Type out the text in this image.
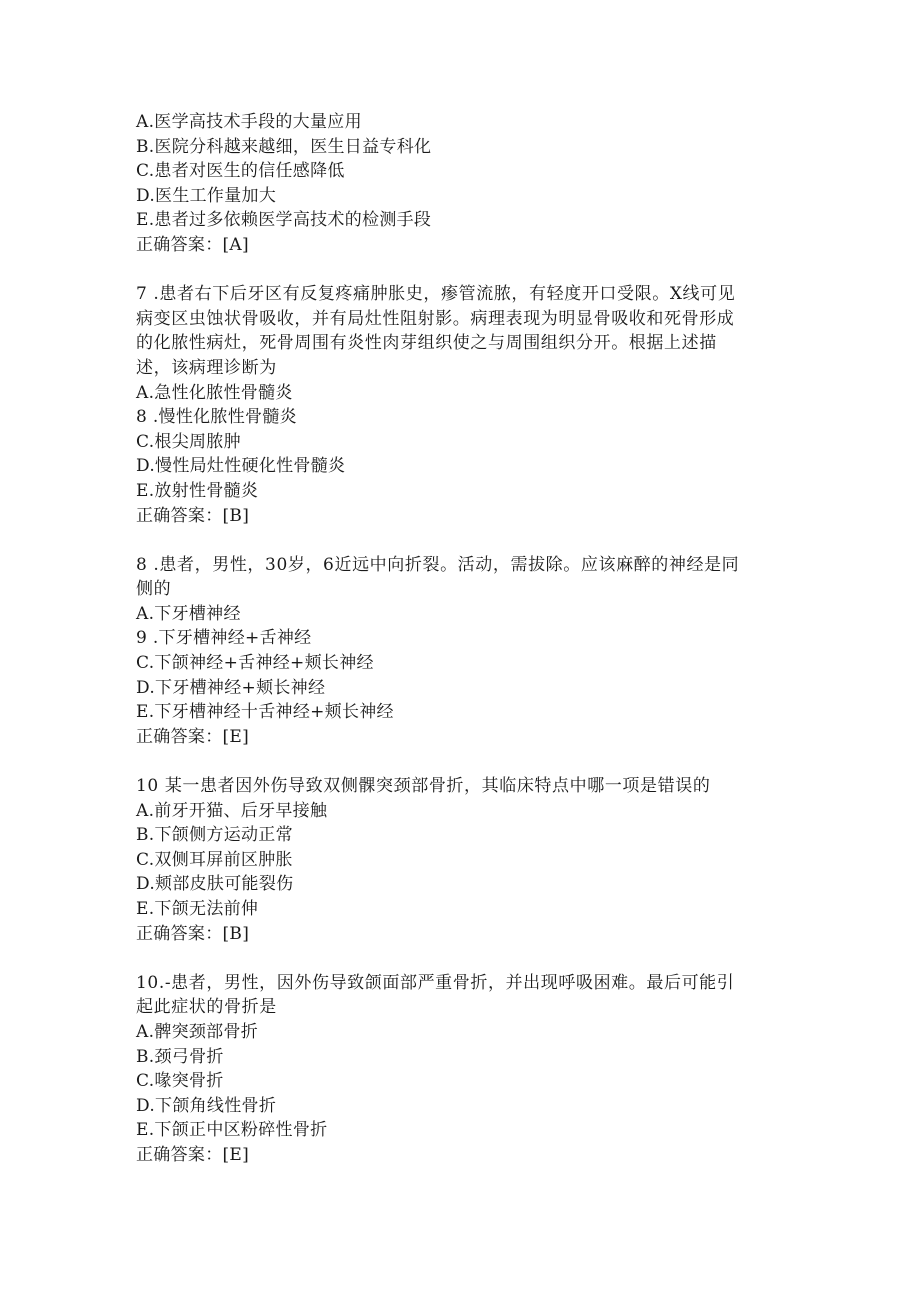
A.医学高技术手段的大量应用
B.医院分科越来越细，医生日益专科化
C.患者对医生的信任感降低
D.医生工作量加大
E.患者过多依赖医学高技术的检测手段
正确答案：[A]
7 .患者右下后牙区有反复疼痛肿胀史，瘆管流脓，有轻度开口受限。X线可见
病变区虫蚀状骨吸收，并有局灶性阻射影。病理表现为明显骨吸收和死骨形成
的化脓性病灶，死骨周围有炎性肉芽组织使之与周围组织分开。根据上述描
述，该病理诊断为
A.急性化脓性骨髓炎
8 .慢性化脓性骨髓炎
C.根尖周脓肿
D.慢性局灶性硬化性骨髓炎
E.放射性骨髓炎
正确答案：[B]
8 .患者，男性，30岁，6近远中向折裂。活动，需拔除。应该麻醉的神经是同
侧的
A.下牙槽神经
9 .下牙槽神经+舌神经
C.下颌神经+舌神经+颊长神经
D.下牙槽神经+颊长神经
E.下牙槽神经十舌神经+颊长神经
正确答案：[E]
10 某一患者因外伤导致双侧髁突颈部骨折，其临床特点中哪一项是错误的
A.前牙开猫、后牙早接触
B.下颌侧方运动正常
C.双侧耳屏前区肿胀
D.颊部皮肤可能裂伤
E.下颌无法前伸
正确答案：[B]
10.-患者，男性，因外伤导致颌面部严重骨折，并出现呼吸困难。最后可能引
起此症状的骨折是
A.髀突颈部骨折
B.颈弓骨折
C.喙突骨折
D.下颌角线性骨折
E.下颌正中区粉碎性骨折
正确答案：[E]
